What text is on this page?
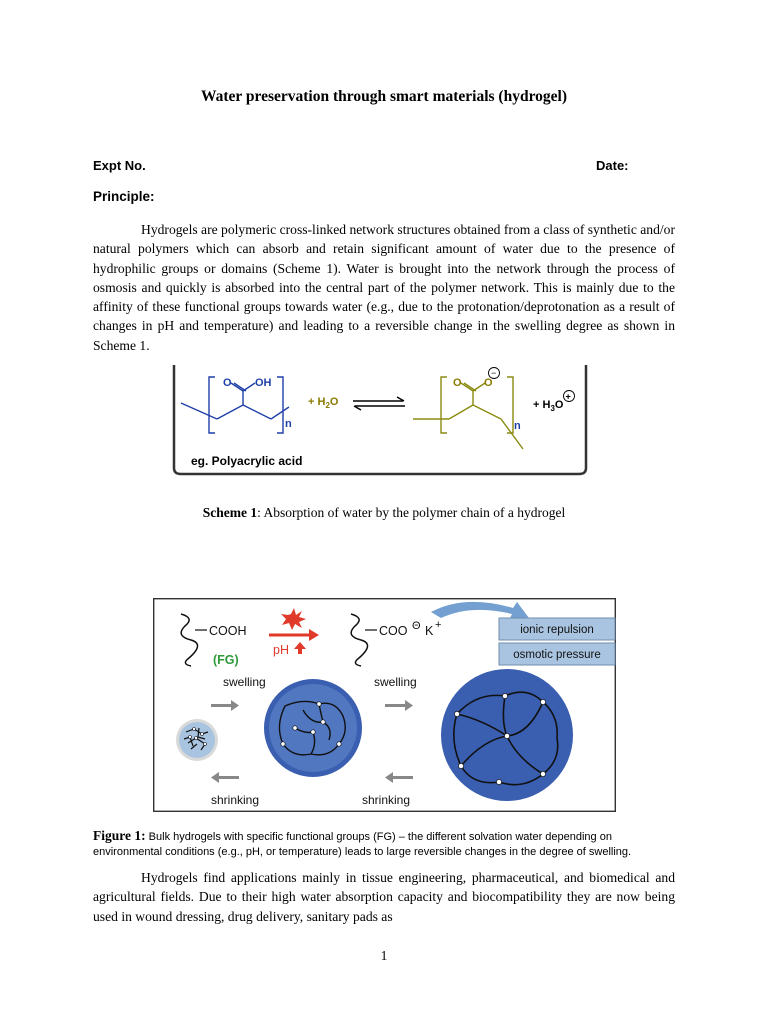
Water preservation through smart materials (hydrogel)
Expt No.	Date:
Principle:
Hydrogels are polymeric cross-linked network structures obtained from a class of synthetic and/or natural polymers which can absorb and retain significant amount of water due to the presence of hydrophilic groups or domains (Scheme 1). Water is brought into the network through the process of osmosis and quickly is absorbed into the central part of the polymer network. This is mainly due to the affinity of these functional groups towards water (e.g., due to the protonation/deprotonation as a result of changes in pH and temperature) and leading to a reversible change in the swelling degree as shown in Scheme 1.
O OH
n
+ $H_2O$
O O
−
n
+ $H_3O$
+
eg. Polyacrylic acid
Scheme 1: Absorption of water by the polymer chain of a hydrogel
COOH
(FG)
pH
COO Θ K +	ionic repulsion
osmotic pressure
swelling	swelling
shrinking	shrinking
Figure 1: Bulk hydrogels with specific functional groups (FG) – the different solvation water depending on environmental conditions (e.g., pH, or temperature) leads to large reversible changes in the degree of swelling.
Hydrogels find applications mainly in tissue engineering, pharmaceutical, and biomedical and agricultural fields. Due to their high water absorption capacity and biocompatibility they are now being used in wound dressing, drug delivery, sanitary pads as
1
